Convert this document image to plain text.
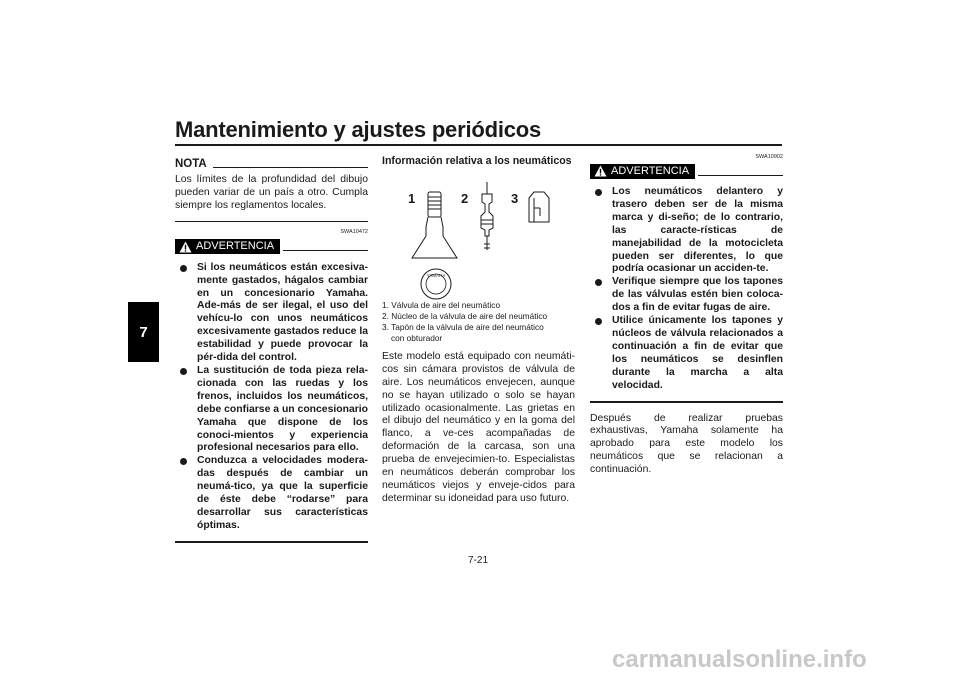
Mantenimiento y ajustes periódicos
7
NOTA
Los límites de la profundidad del dibujo pueden variar de un país a otro. Cumpla siempre los reglamentos locales.
SWA10472
ADVERTENCIA
Si los neumáticos están excesiva-mente gastados, hágalos cambiar en un concesionario Yamaha. Ade-más de ser ilegal, el uso del vehícu-lo con unos neumáticos excesivamente gastados reduce la estabilidad y puede provocar la pér-dida del control.
La sustitución de toda pieza rela-cionada con las ruedas y los frenos, incluidos los neumáticos, debe confiarse a un concesionario Yamaha que dispone de los conoci-mientos y experiencia profesional necesarios para ello.
Conduzca a velocidades modera-das después de cambiar un neumá-tico, ya que la superficie de éste debe “rodarse” para desarrollar sus características óptimas.
Información relativa a los neumáticos
1	2	3
YAMAHA
1. Válvula de aire del neumático
2. Núcleo de la válvula de aire del neumático
3. Tapón de la válvula de aire del neumático
con obturador
Este modelo está equipado con neumáti-cos sin cámara provistos de válvula de aire. Los neumáticos envejecen, aunque no se hayan utilizado o solo se hayan utilizado ocasionalmente. Las grietas en el dibujo del neumático y en la goma del flanco, a ve-ces acompañadas de deformación de la carcasa, son una prueba de envejecimien-to. Especialistas en neumáticos deberán comprobar los neumáticos viejos y enveje-cidos para determinar su idoneidad para uso futuro.
SWA10902
ADVERTENCIA
Los neumáticos delantero y trasero deben ser de la misma marca y di-seño; de lo contrario, las caracte-rísticas de manejabilidad de la motocicleta pueden ser diferentes, lo que podría ocasionar un acciden-te.
Verifique siempre que los tapones de las válvulas estén bien coloca-dos a fin de evitar fugas de aire.
Utilice únicamente los tapones y núcleos de válvula relacionados a continuación a fin de evitar que los neumáticos se desinflen durante la marcha a alta velocidad.
Después de realizar pruebas exhaustivas, Yamaha solamente ha aprobado para este modelo los neumáticos que se relacionan a continuación.
7-21
carmanualsonline.info
